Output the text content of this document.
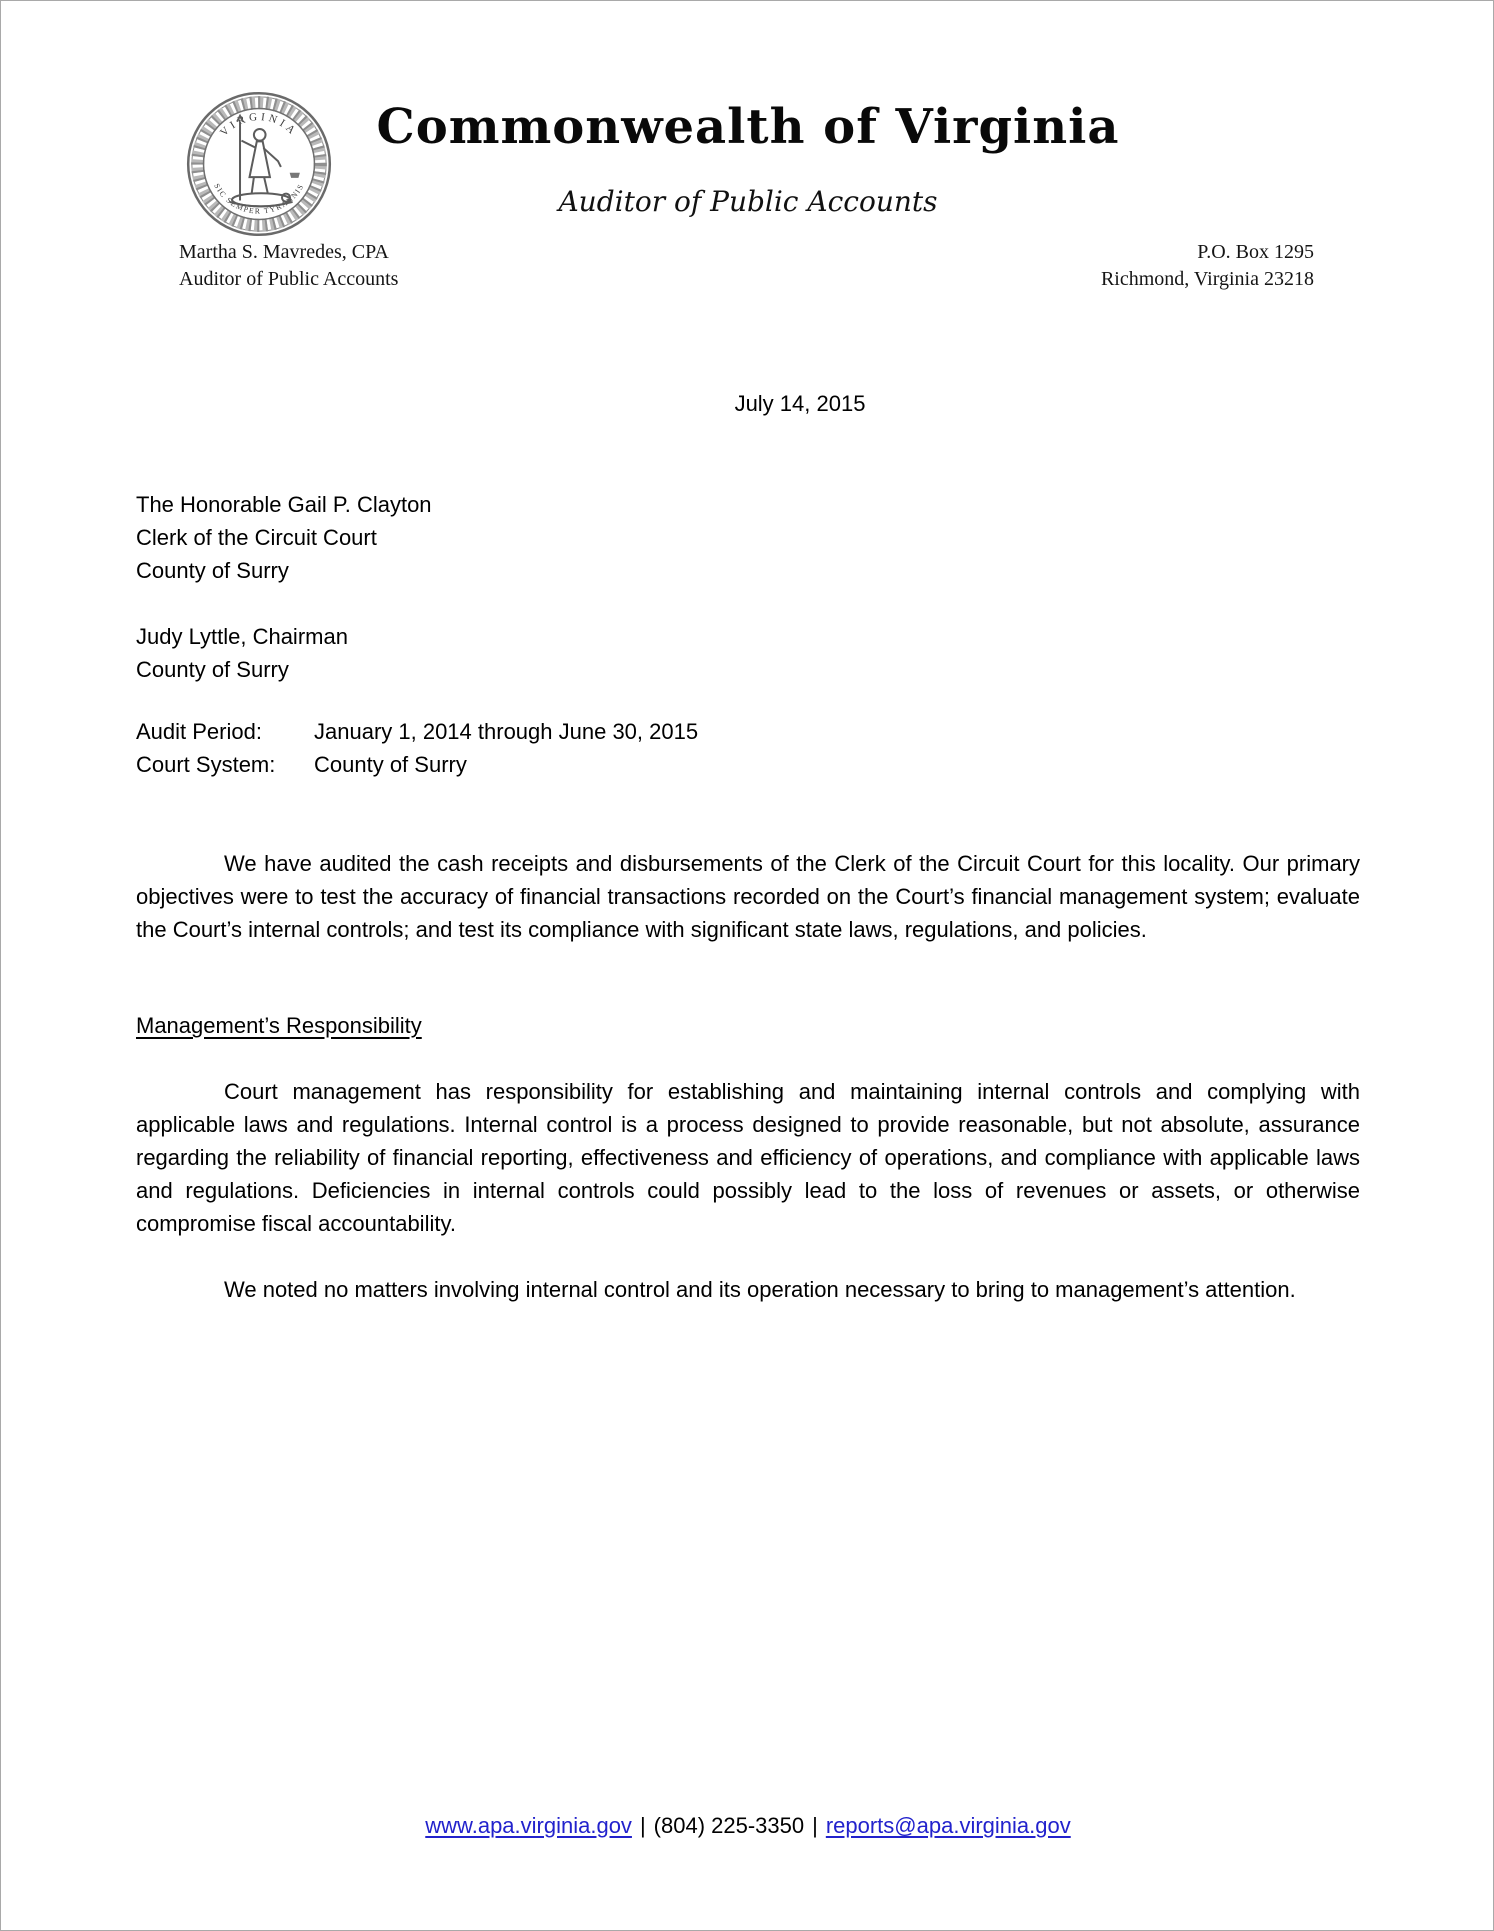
VIRGINIA
SIC SEMPER TYRANNIS
Commonwealth of Virginia
Auditor of Public Accounts
Martha S. Mavredes, CPA
Auditor of Public Accounts
P.O. Box 1295
Richmond, Virginia 23218
July 14, 2015
The Honorable Gail P. Clayton
Clerk of the Circuit Court
County of Surry
Judy Lyttle, Chairman
County of Surry
Audit Period:	January 1, 2014 through June 30, 2015
Court System:	County of Surry
We have audited the cash receipts and disbursements of the Clerk of the Circuit Court for this locality. Our primary objectives were to test the accuracy of financial transactions recorded on the Court’s financial management system; evaluate the Court’s internal controls; and test its compliance with significant state laws, regulations, and policies.
Management’s Responsibility
Court management has responsibility for establishing and maintaining internal controls and complying with applicable laws and regulations. Internal control is a process designed to provide reasonable, but not absolute, assurance regarding the reliability of financial reporting, effectiveness and efficiency of operations, and compliance with applicable laws and regulations. Deficiencies in internal controls could possibly lead to the loss of revenues or assets, or otherwise compromise fiscal accountability.
We noted no matters involving internal control and its operation necessary to bring to management’s attention.
www.apa.virginia.gov | (804) 225-3350 | reports@apa.virginia.gov
